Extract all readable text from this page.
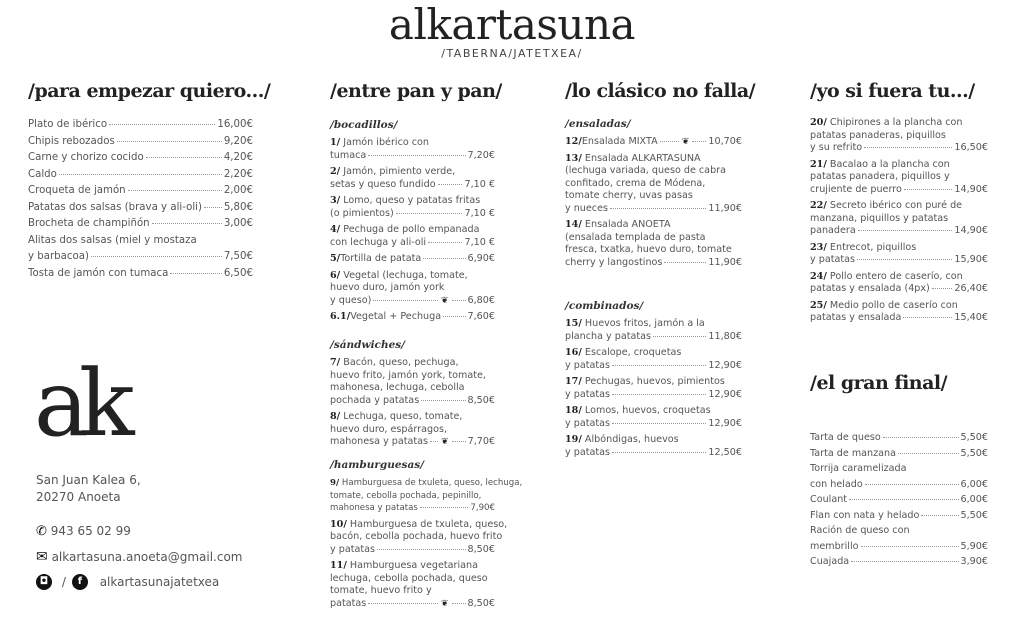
alkartasuna
/TABERNA/JATETXEA/
/para empezar quiero.../
Plato de ibérico	16,00€
Chipis rebozados	9,20€
Carne y chorizo cocido	4,20€
Caldo	2,20€
Croqueta de jamón	2,00€
Patatas dos salsas (brava y ali-oli) 5,80€
Brocheta de champiñón	3,00€
Alitas dos salsas (miel y mostaza
y barbacoa)	7,50€
Tosta de jamón con tumaca	6,50€
/entre pan y pan/
/bocadillos/
1/ Jamón ibérico con
tumaca	7,20€
2/ Jamón, pimiento verde,
setas y queso fundido	7,10 €
3/ Lomo, queso y patatas fritas
(o pimientos)	7,10 €
4/ Pechuga de pollo empanada
con lechuga y ali-oli	7,10 €
5/ Tortilla de patata	6,90€
6/ Vegetal (lechuga, tomate,
huevo duro, jamón york
y queso)	❦ 6,80€
6.1/ Vegetal + Pechuga	7,60€
/sándwiches/
7/ Bacón, queso, pechuga,
huevo frito, jamón york, tomate,
mahonesa, lechuga, cebolla
pochada y patatas	8,50€
8/ Lechuga, queso, tomate,
huevo duro, espárragos,
mahonesa y patatas ❦ 7,70€
/hamburguesas/
9/ Hamburguesa de txuleta, queso, lechuga,
tomate, cebolla pochada, pepinillo,
mahonesa y patatas	7,90€
10/ Hamburguesa de txuleta, queso,
bacón, cebolla pochada, huevo frito
y patatas	8,50€
11/ Hamburguesa vegetariana
lechuga, cebolla pochada, queso
tomate, huevo frito y
patatas	❦ 8,50€
/lo clásico no falla/
/ensaladas/
12/ Ensalada MIXTA	❦ 10,70€
13/ Ensalada ALKARTASUNA
(lechuga variada, queso de cabra
confitado, crema de Módena,
tomate cherry, uvas pasas
y nueces	11,90€
14/ Ensalada ANOETA
(ensalada templada de pasta
fresca, txatka, huevo duro, tomate
cherry y langostinos	11,90€
/combinados/
15/ Huevos fritos, jamón a la
plancha y patatas	11,80€
16/ Escalope, croquetas
y patatas	12,90€
17/ Pechugas, huevos, pimientos
y patatas	12,90€
18/ Lomos, huevos, croquetas
y patatas	12,90€
19/ Albóndigas, huevos
y patatas	12,50€
/yo si fuera tu.../
20/ Chipirones a la plancha con
patatas panaderas, piquillos
y su refrito	16,50€
21/ Bacalao a la plancha con
patatas panadera, piquillos y
crujiente de puerro	14,90€
22/ Secreto ibérico con puré de
manzana, piquillos y patatas
panadera	14,90€
23/ Entrecot, piquillos
y patatas	15,90€
24/ Pollo entero de caserío, con
patatas y ensalada (4px)	26,40€
25/ Medio pollo de caserío con
patatas y ensalada	15,40€
/el gran final/
Tarta de queso	5,50€
Tarta de manzana	5,50€
Torrija caramelizada
con helado	6,00€
Coulant	6,00€
Flan con nata y helado	5,50€
Ración de queso con
membrillo	5,90€
Cuajada	3,90€
ak
San Juan Kalea 6,
20270 Anoeta
✆ 943 65 02 99
✉ alkartasuna.anoeta@gmail.com
◘ / f alkartasunajatetxea
